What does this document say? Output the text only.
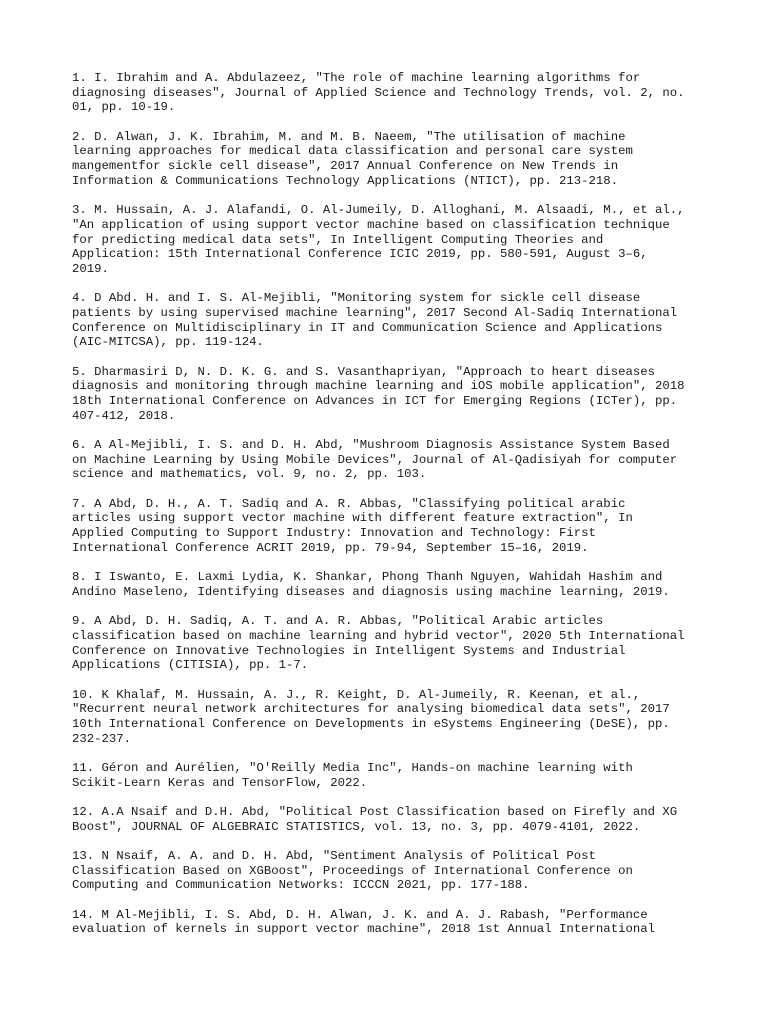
1. I. Ibrahim and A. Abdulazeez, "The role of machine learning algorithms for
diagnosing diseases", Journal of Applied Science and Technology Trends, vol. 2, no.
01, pp. 10-19.

2. D. Alwan, J. K. Ibrahim, M. and M. B. Naeem, "The utilisation of machine
learning approaches for medical data classification and personal care system
mangementfor sickle cell disease", 2017 Annual Conference on New Trends in
Information & Communications Technology Applications (NTICT), pp. 213-218.

3. M. Hussain, A. J. Alafandi, O. Al-Jumeily, D. Alloghani, M. Alsaadi, M., et al.,
"An application of using support vector machine based on classification technique
for predicting medical data sets", In Intelligent Computing Theories and
Application: 15th International Conference ICIC 2019, pp. 580-591, August 3–6,
2019.

4. D Abd. H. and I. S. Al-Mejibli, "Monitoring system for sickle cell disease
patients by using supervised machine learning", 2017 Second Al-Sadiq International
Conference on Multidisciplinary in IT and Communication Science and Applications
(AIC-MITCSA), pp. 119-124.

5. Dharmasiri D, N. D. K. G. and S. Vasanthapriyan, "Approach to heart diseases
diagnosis and monitoring through machine learning and iOS mobile application", 2018
18th International Conference on Advances in ICT for Emerging Regions (ICTer), pp.
407-412, 2018.

6. A Al-Mejibli, I. S. and D. H. Abd, "Mushroom Diagnosis Assistance System Based
on Machine Learning by Using Mobile Devices", Journal of Al-Qadisiyah for computer
science and mathematics, vol. 9, no. 2, pp. 103.

7. A Abd, D. H., A. T. Sadiq and A. R. Abbas, "Classifying political arabic
articles using support vector machine with different feature extraction", In
Applied Computing to Support Industry: Innovation and Technology: First
International Conference ACRIT 2019, pp. 79-94, September 15–16, 2019.

8. I Iswanto, E. Laxmi Lydia, K. Shankar, Phong Thanh Nguyen, Wahidah Hashim and
Andino Maseleno, Identifying diseases and diagnosis using machine learning, 2019.

9. A Abd, D. H. Sadiq, A. T. and A. R. Abbas, "Political Arabic articles
classification based on machine learning and hybrid vector", 2020 5th International
Conference on Innovative Technologies in Intelligent Systems and Industrial
Applications (CITISIA), pp. 1-7.

10. K Khalaf, M. Hussain, A. J., R. Keight, D. Al-Jumeily, R. Keenan, et al.,
"Recurrent neural network architectures for analysing biomedical data sets", 2017
10th International Conference on Developments in eSystems Engineering (DeSE), pp.
232-237.

11. Géron and Aurélien, "O'Reilly Media Inc", Hands-on machine learning with
Scikit-Learn Keras and TensorFlow, 2022.

12. A.A Nsaif and D.H. Abd, "Political Post Classification based on Firefly and XG
Boost", JOURNAL OF ALGEBRAIC STATISTICS, vol. 13, no. 3, pp. 4079-4101, 2022.

13. N Nsaif, A. A. and D. H. Abd, "Sentiment Analysis of Political Post
Classification Based on XGBoost", Proceedings of International Conference on
Computing and Communication Networks: ICCCN 2021, pp. 177-188.

14. M Al-Mejibli, I. S. Abd, D. H. Alwan, J. K. and A. J. Rabash, "Performance
evaluation of kernels in support vector machine", 2018 1st Annual International
